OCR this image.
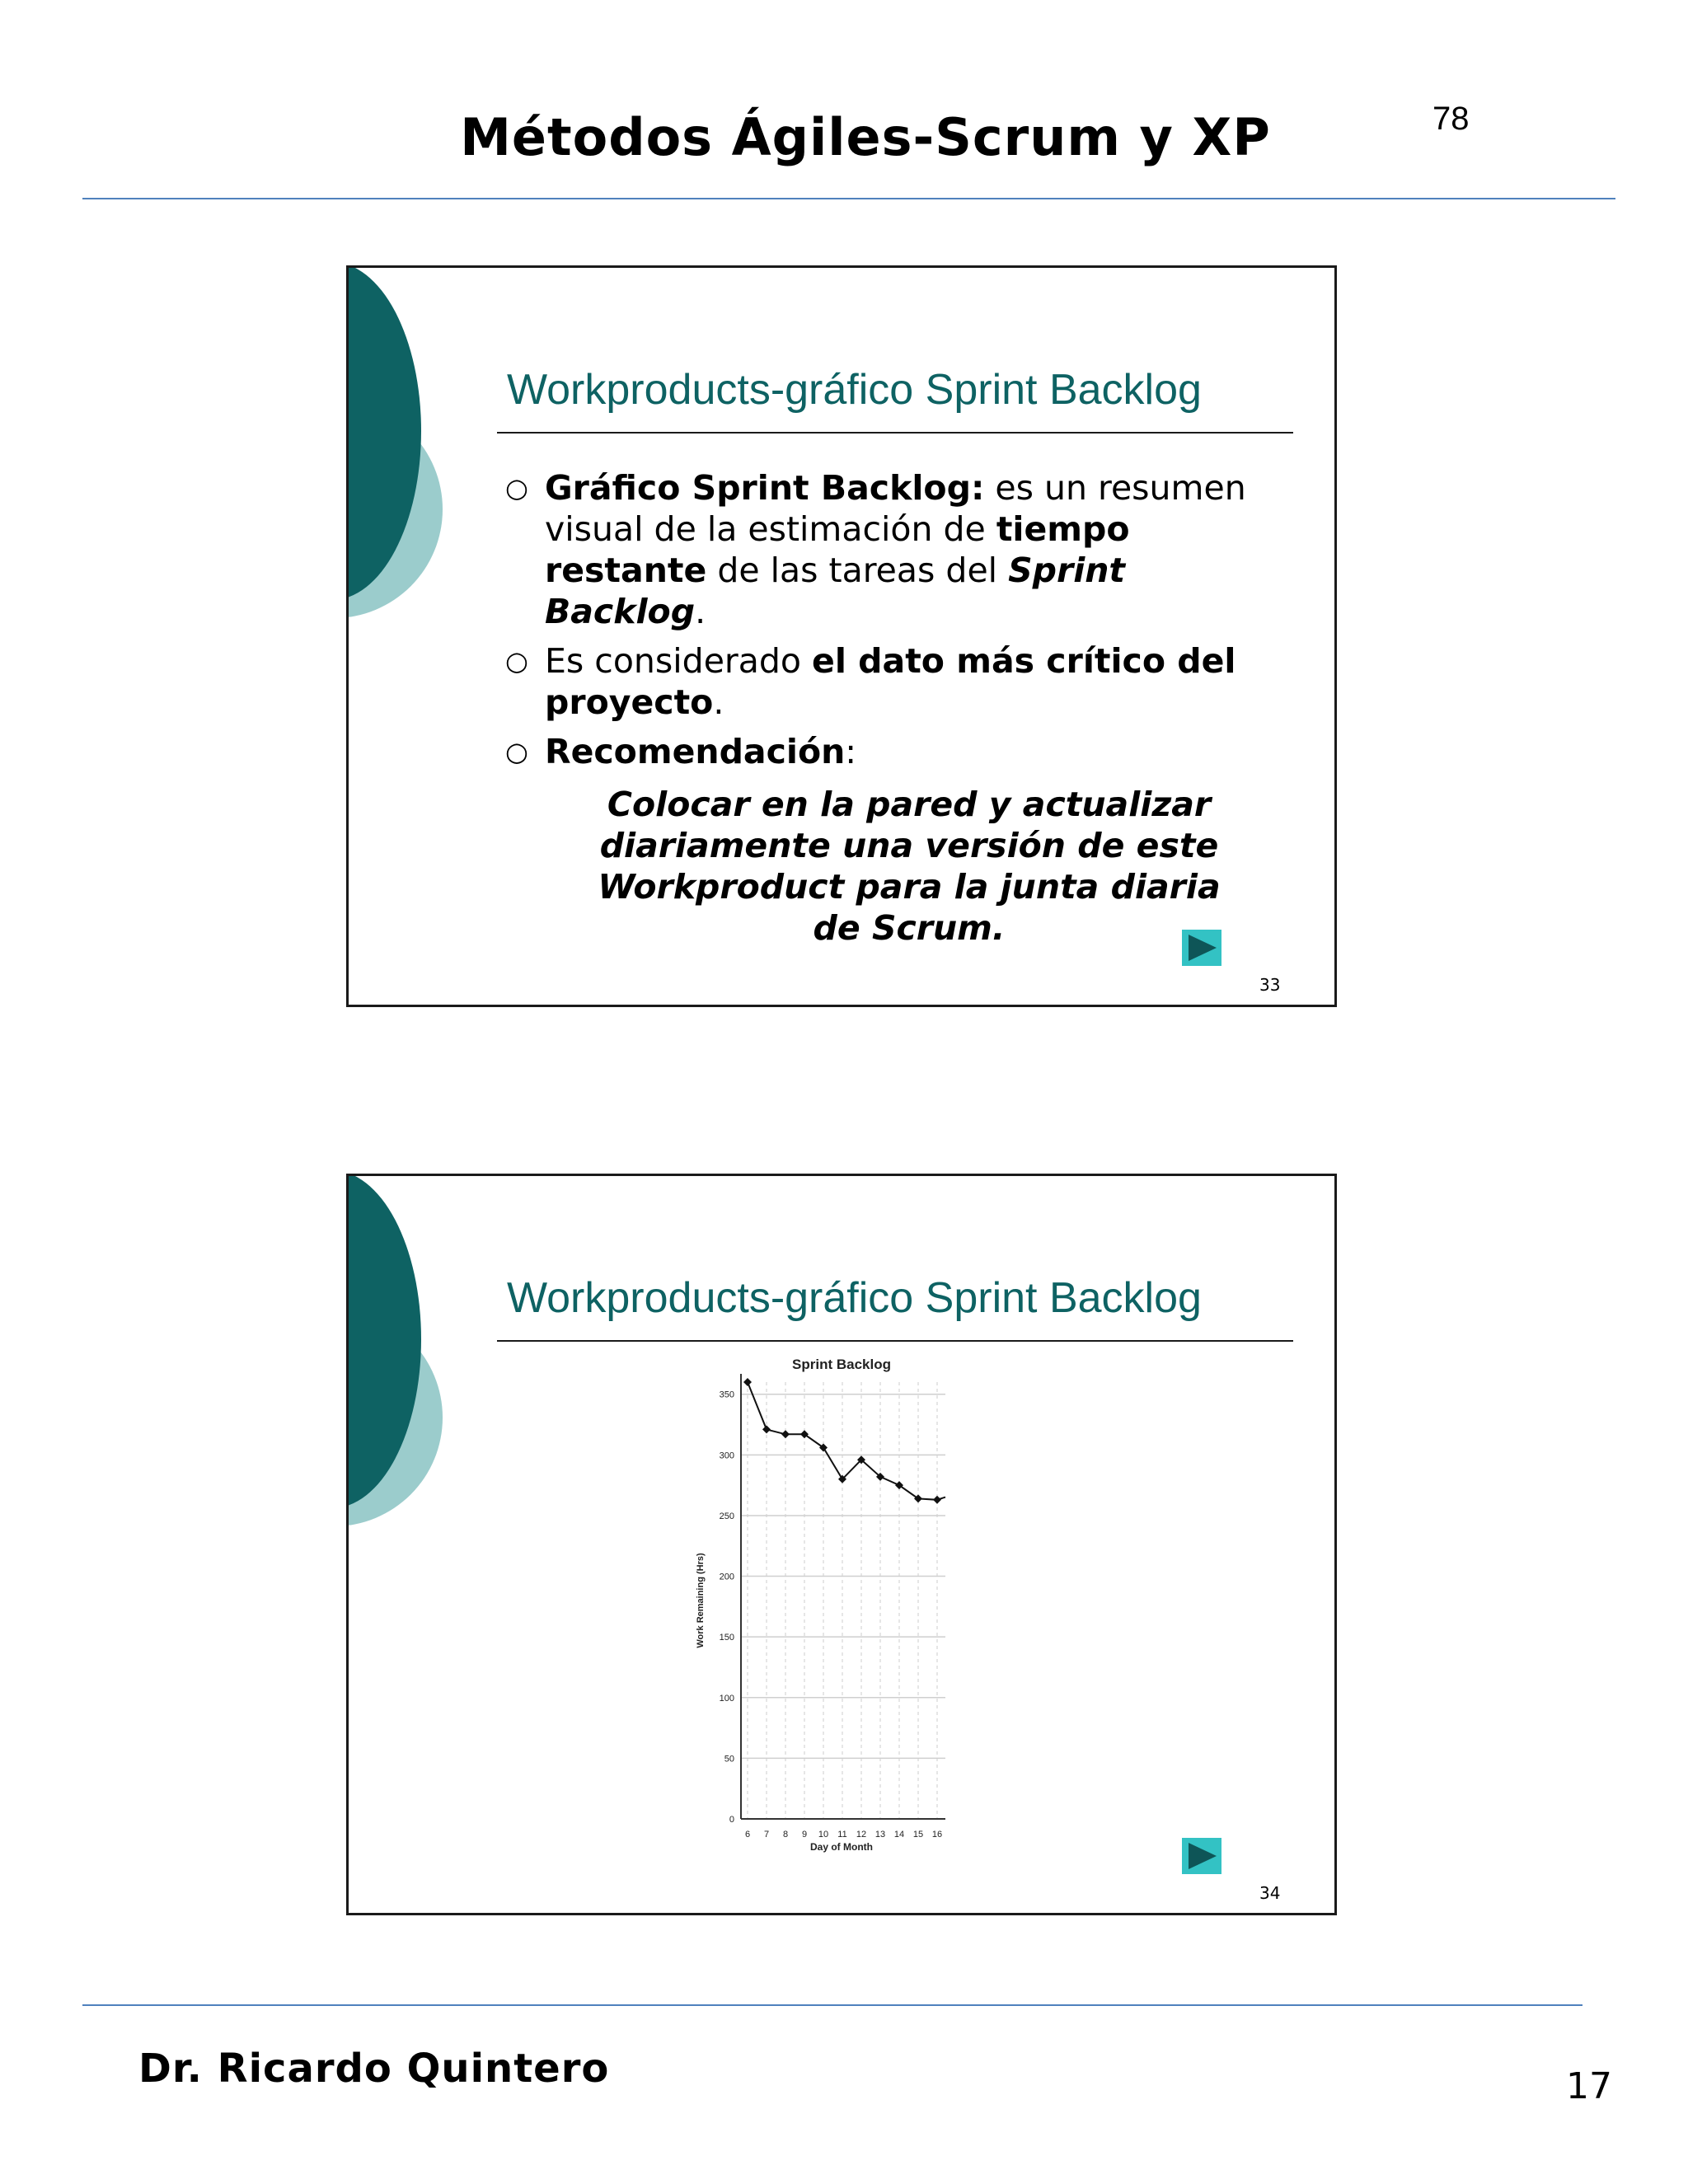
Métodos Ágiles-Scrum y XP	78
Workproducts-gráfico Sprint Backlog
○ Gráfico Sprint Backlog: es un resumen visual de la estimación de tiempo restante de las tareas del Sprint Backlog.
○ Es considerado el dato más crítico del proyecto.
○ Recomendación:
Colocar en la pared y actualizar diariamente una versión de este Workproduct para la junta diaria de Scrum.
33
Workproducts-gráfico Sprint Backlog
0
50
100
150
200
250
300
350
6 7 8 9 10 11 12 13 14 15 16
Sprint Backlog
Day of Month
Work Remaining (Hrs)
34
Dr. Ricardo Quintero	17
